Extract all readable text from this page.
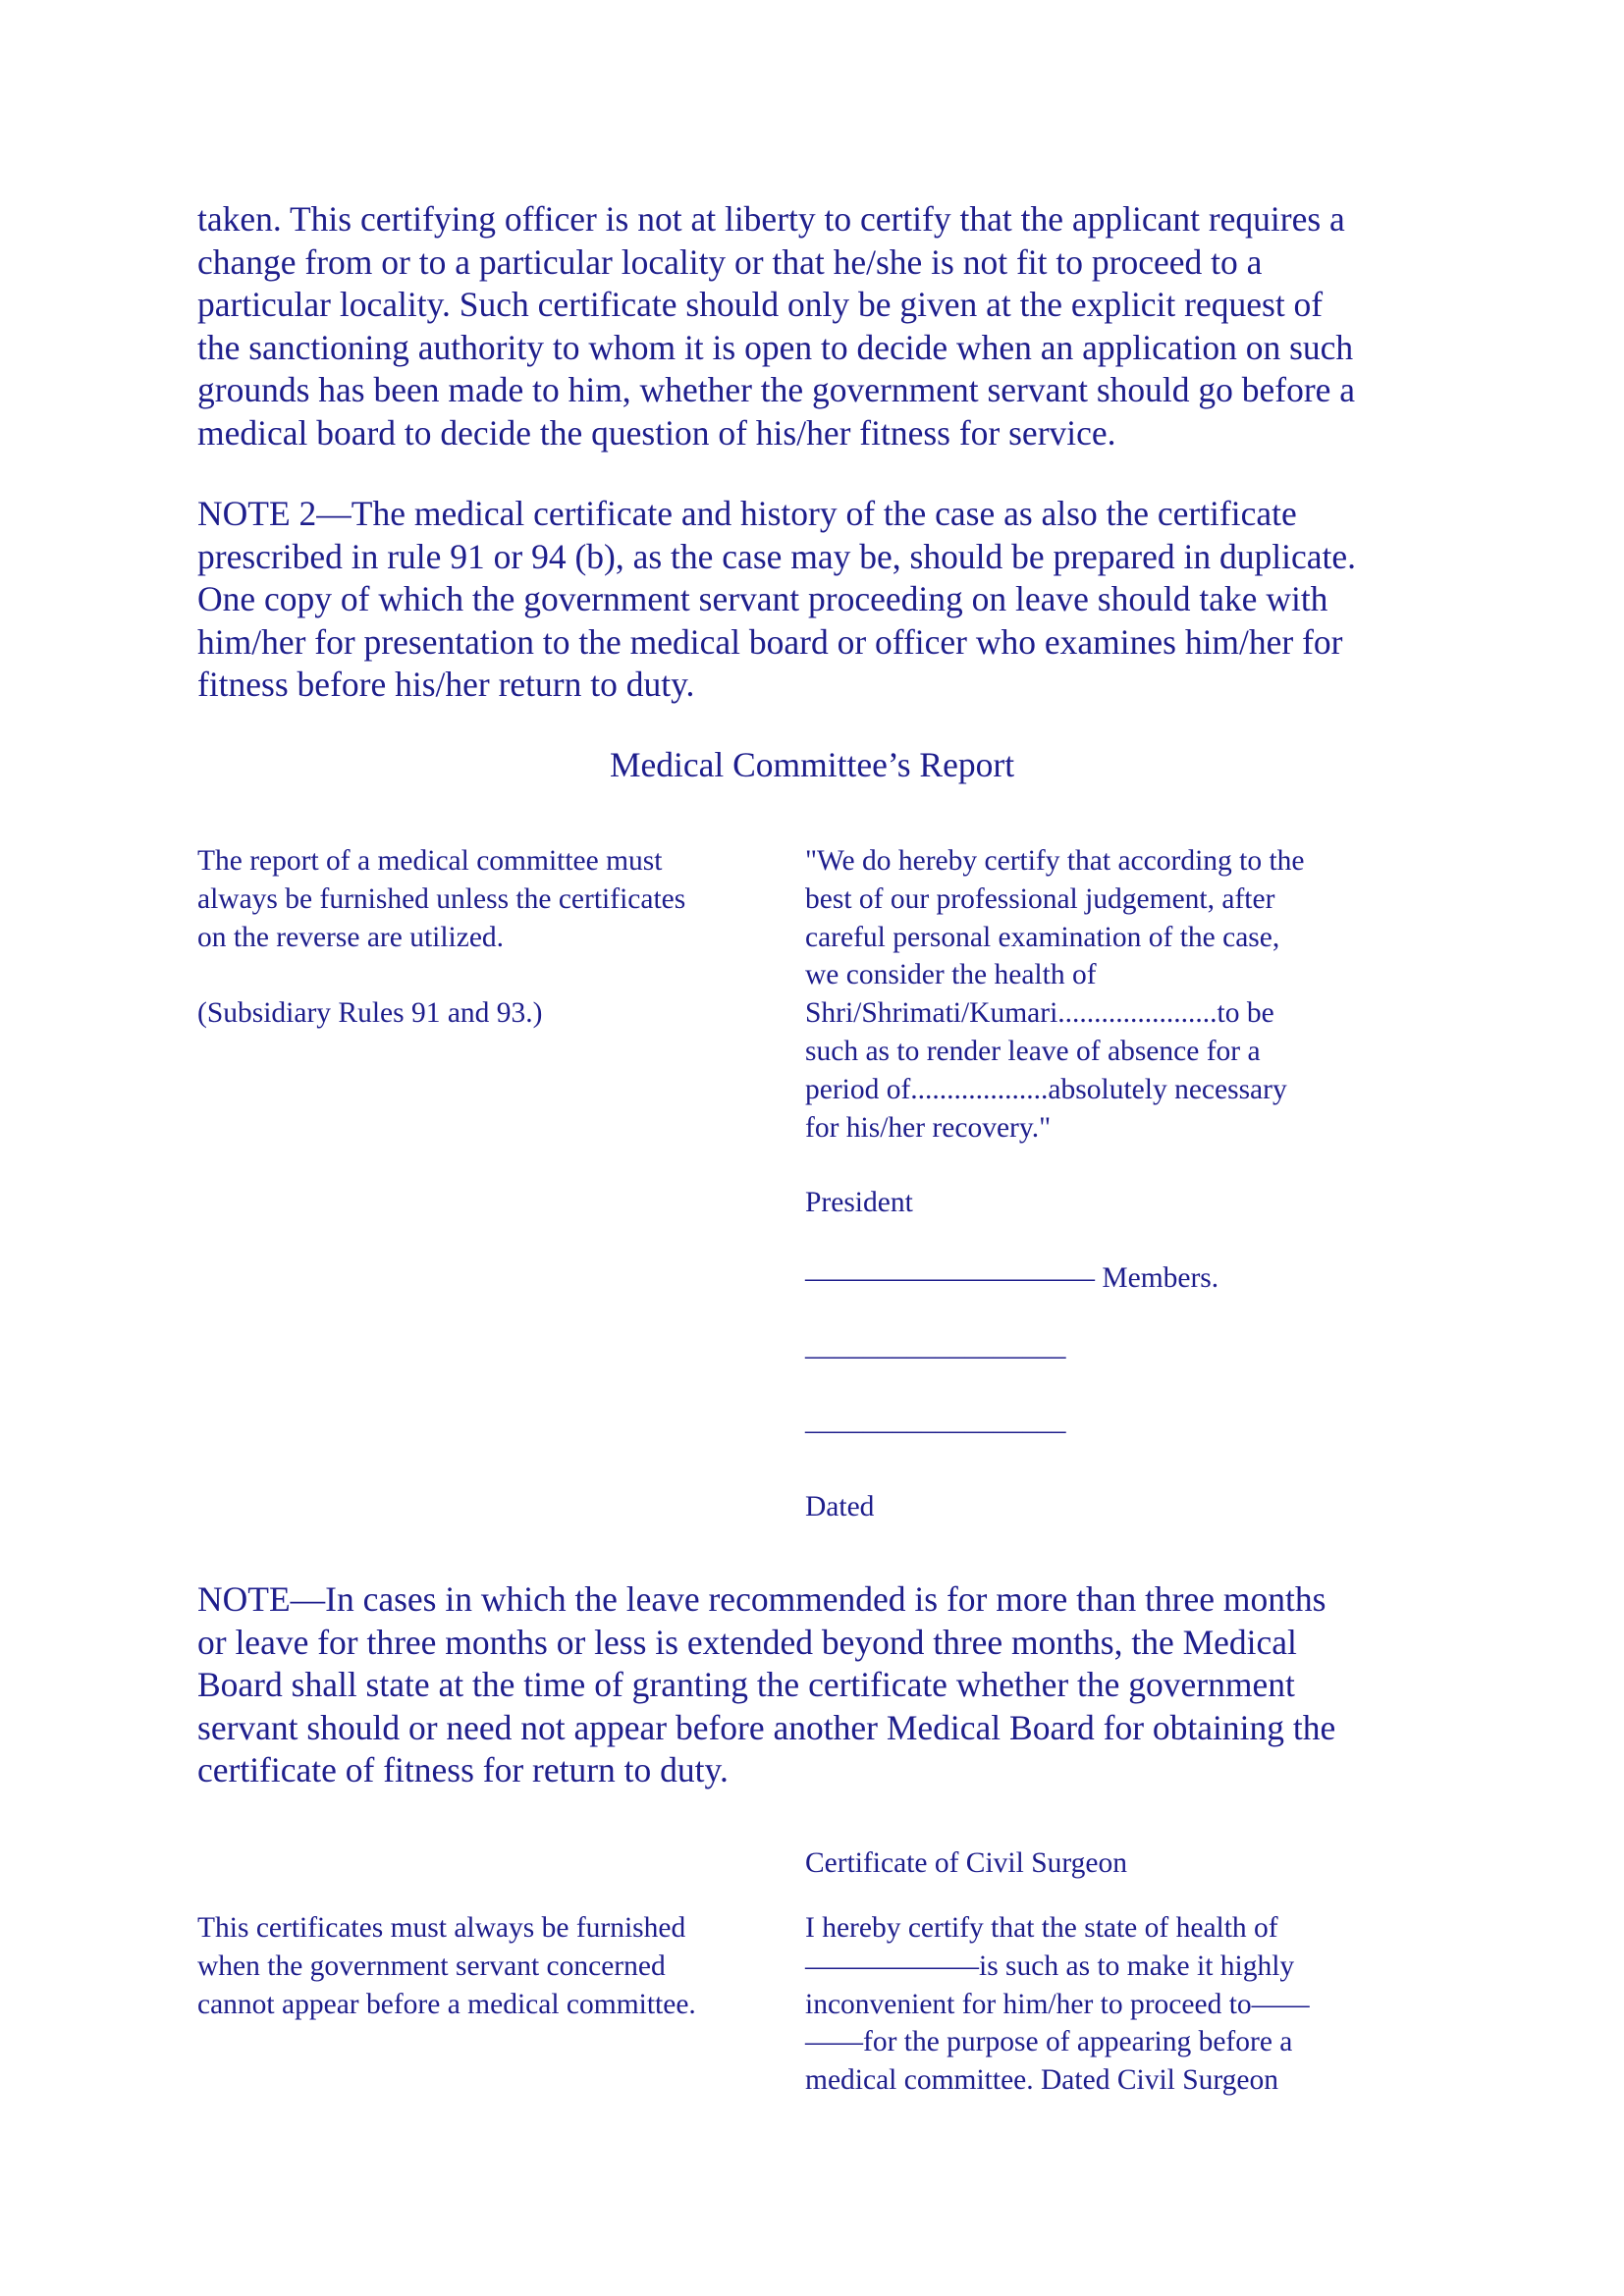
taken. This certifying officer is not at liberty to certify that the applicant requires a
change from or to a particular locality or that he/she is not fit to proceed to a
particular locality. Such certificate should only be given at the explicit request of
the sanctioning authority to whom it is open to decide when an application on such
grounds has been made to him, whether the government servant should go before a
medical board to decide the question of his/her fitness for service.
NOTE 2—The medical certificate and history of the case as also the certificate
prescribed in rule 91 or 94 (b), as the case may be, should be prepared in duplicate.
One copy of which the government servant proceeding on leave should take with
him/her for presentation to the medical board or officer who examines him/her for
fitness before his/her return to duty.
Medical Committee’s Report
The report of a medical committee must
always be furnished unless the certificates
on the reverse are utilized.
(Subsidiary Rules 91 and 93.)
"We do hereby certify that according to the
best of our professional judgement, after
careful personal examination of the case,
we consider the health of
Shri/Shrimati/Kumari......................to be
such as to render leave of absence for a
period of...................absolutely necessary
for his/her recovery."
President
—————————— Members.
__________________
__________________
Dated
NOTE—In cases in which the leave recommended is for more than three months
or leave for three months or less is extended beyond three months, the Medical
Board shall state at the time of granting the certificate whether the government
servant should or need not appear before another Medical Board for obtaining the
certificate of fitness for return to duty.
Certificate of Civil Surgeon
This certificates must always be furnished
when the government servant concerned
cannot appear before a medical committee.
I hereby certify that the state of health of
——————is such as to make it highly
inconvenient for him/her to proceed to——
——for the purpose of appearing before a
medical committee. Dated Civil Surgeon
